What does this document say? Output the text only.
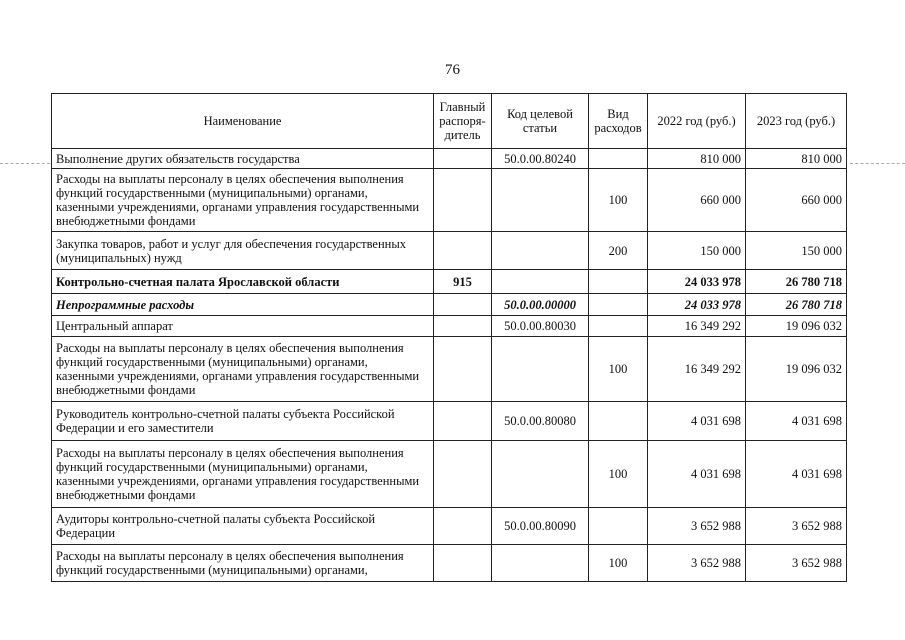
76
Наименование	Главный распоря-дитель	Код целевой статьи	Вид расходов	2022 год (руб.)	2023 год (руб.)
Выполнение других обязательств государства		50.0.00.80240		810 000	810 000
Расходы на выплаты персоналу в целях обеспечения выполнения функций государственными (муниципальными) органами, казенными учреждениями, органами управления государственными внебюджетными фондами			100	660 000	660 000
Закупка товаров, работ и услуг для обеспечения государственных (муниципальных) нужд			200	150 000	150 000
Контрольно-счетная палата Ярославской области	915			24 033 978	26 780 718
Непрограммные расходы		50.0.00.00000		24 033 978	26 780 718
Центральный аппарат		50.0.00.80030		16 349 292	19 096 032
Расходы на выплаты персоналу в целях обеспечения выполнения функций государственными (муниципальными) органами, казенными учреждениями, органами управления государственными внебюджетными фондами			100	16 349 292	19 096 032
Руководитель контрольно-счетной палаты субъекта Российской Федерации и его заместители		50.0.00.80080		4 031 698	4 031 698
Расходы на выплаты персоналу в целях обеспечения выполнения функций государственными (муниципальными) органами, казенными учреждениями, органами управления государственными внебюджетными фондами			100	4 031 698	4 031 698
Аудиторы контрольно-счетной палаты субъекта Российской Федерации		50.0.00.80090		3 652 988	3 652 988
Расходы на выплаты персоналу в целях обеспечения выполнения функций государственными (муниципальными) органами,			100	3 652 988	3 652 988
